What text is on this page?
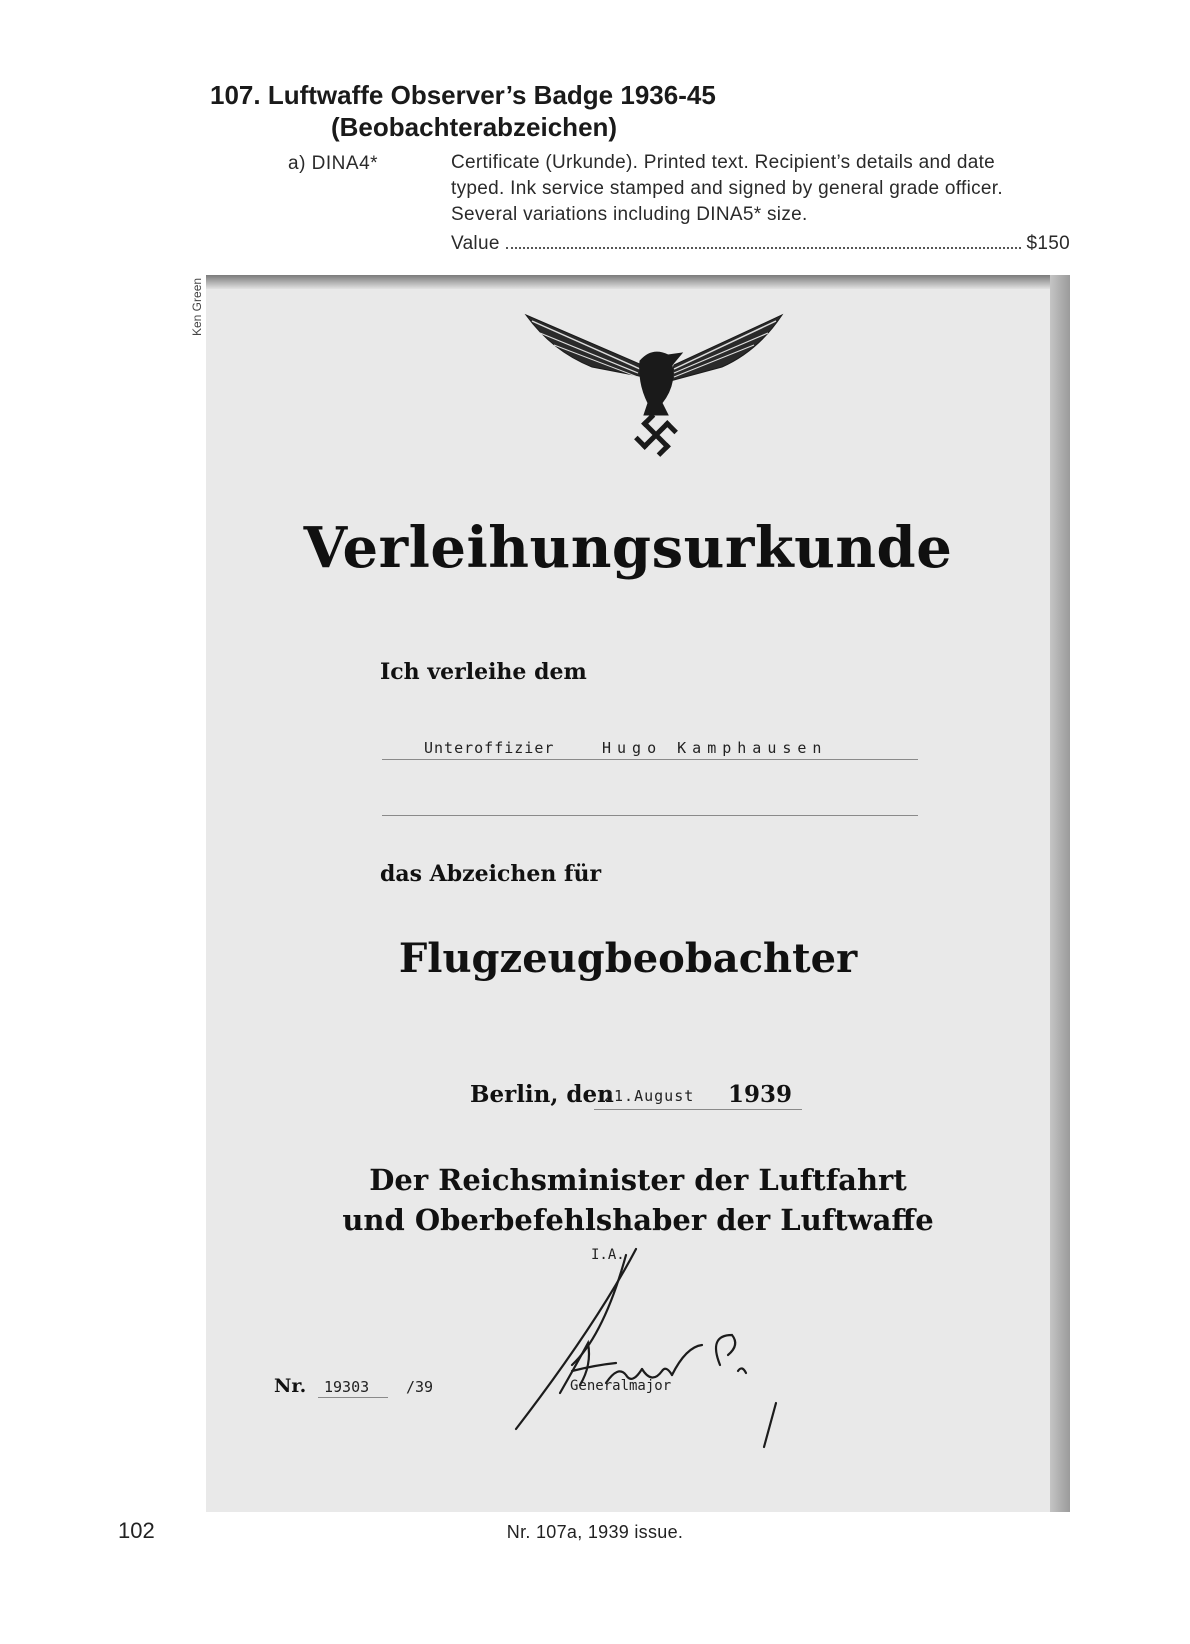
107. Luftwaffe Observer’s Badge 1936-45
(Beobachterabzeichen)
a) DINA4*	Certificate (Urkunde). Printed text. Recipient’s details and date typed. Ink service stamped and signed by general grade officer. Several variations including DINA5* size.
Value	$150
Ken Green
Verleihungsurkunde
Ich verleihe dem
Unteroffizier	Hugo Kamphausen
das Abzeichen für
Flugzeugbeobachter
Berlin, den
21.August 1939
Der Reichsminister der Luftfahrt
und Oberbefehlshaber der Luftwaffe
I.A.
Nr. 19303 /39	Generalmajor
102	Nr. 107a, 1939 issue.
